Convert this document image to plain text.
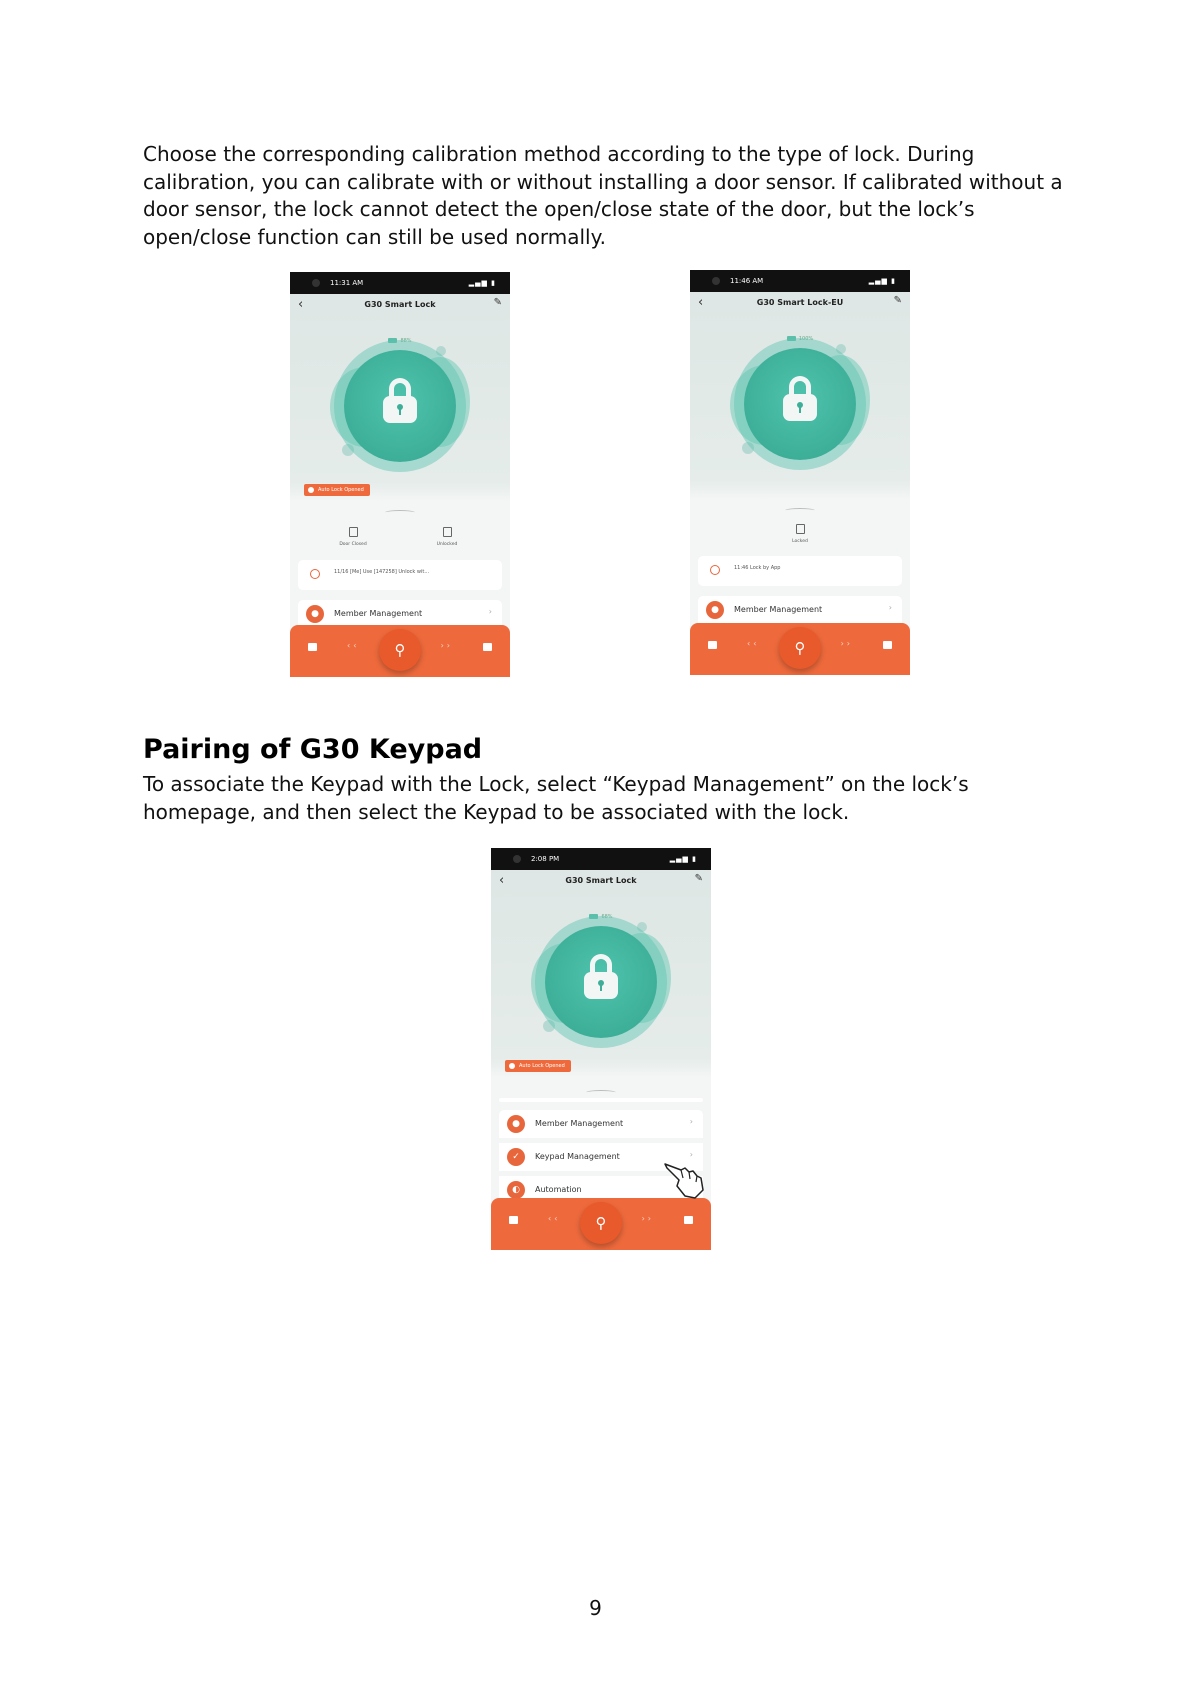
Choose the corresponding calibration method according to the type of lock. During calibration, you can calibrate with or without installing a door sensor. If calibrated without a door sensor, the lock cannot detect the open/close state of the door, but the lock’s open/close function can still be used normally.

11:31 AM	▂▄▆ ▮
‹	G30 Smart Lock	✎
88%
Auto Lock Opened
Door Closed	Unlocked
11/16 [Me] Use [147258] Unlock wit...
●	Member Management	›
‹‹	⚲	››
11:46 AM	▂▄▆ ▮
‹	G30 Smart Lock-EU	✎
100%
Locked
11:46 Lock by App
●	Member Management	›
‹‹	⚲	››
Pairing of G30 Keypad

To associate the Keypad with the Lock, select “Keypad Management” on the lock’s homepage, and then select the Keypad to be associated with the lock.

2:08 PM	▂▄▆ ▮
‹	G30 Smart Lock	✎
68%
Auto Lock Opened
●	Member Management	›
✓	Keypad Management	›
◐	Automation
‹‹	⚲	››
9
